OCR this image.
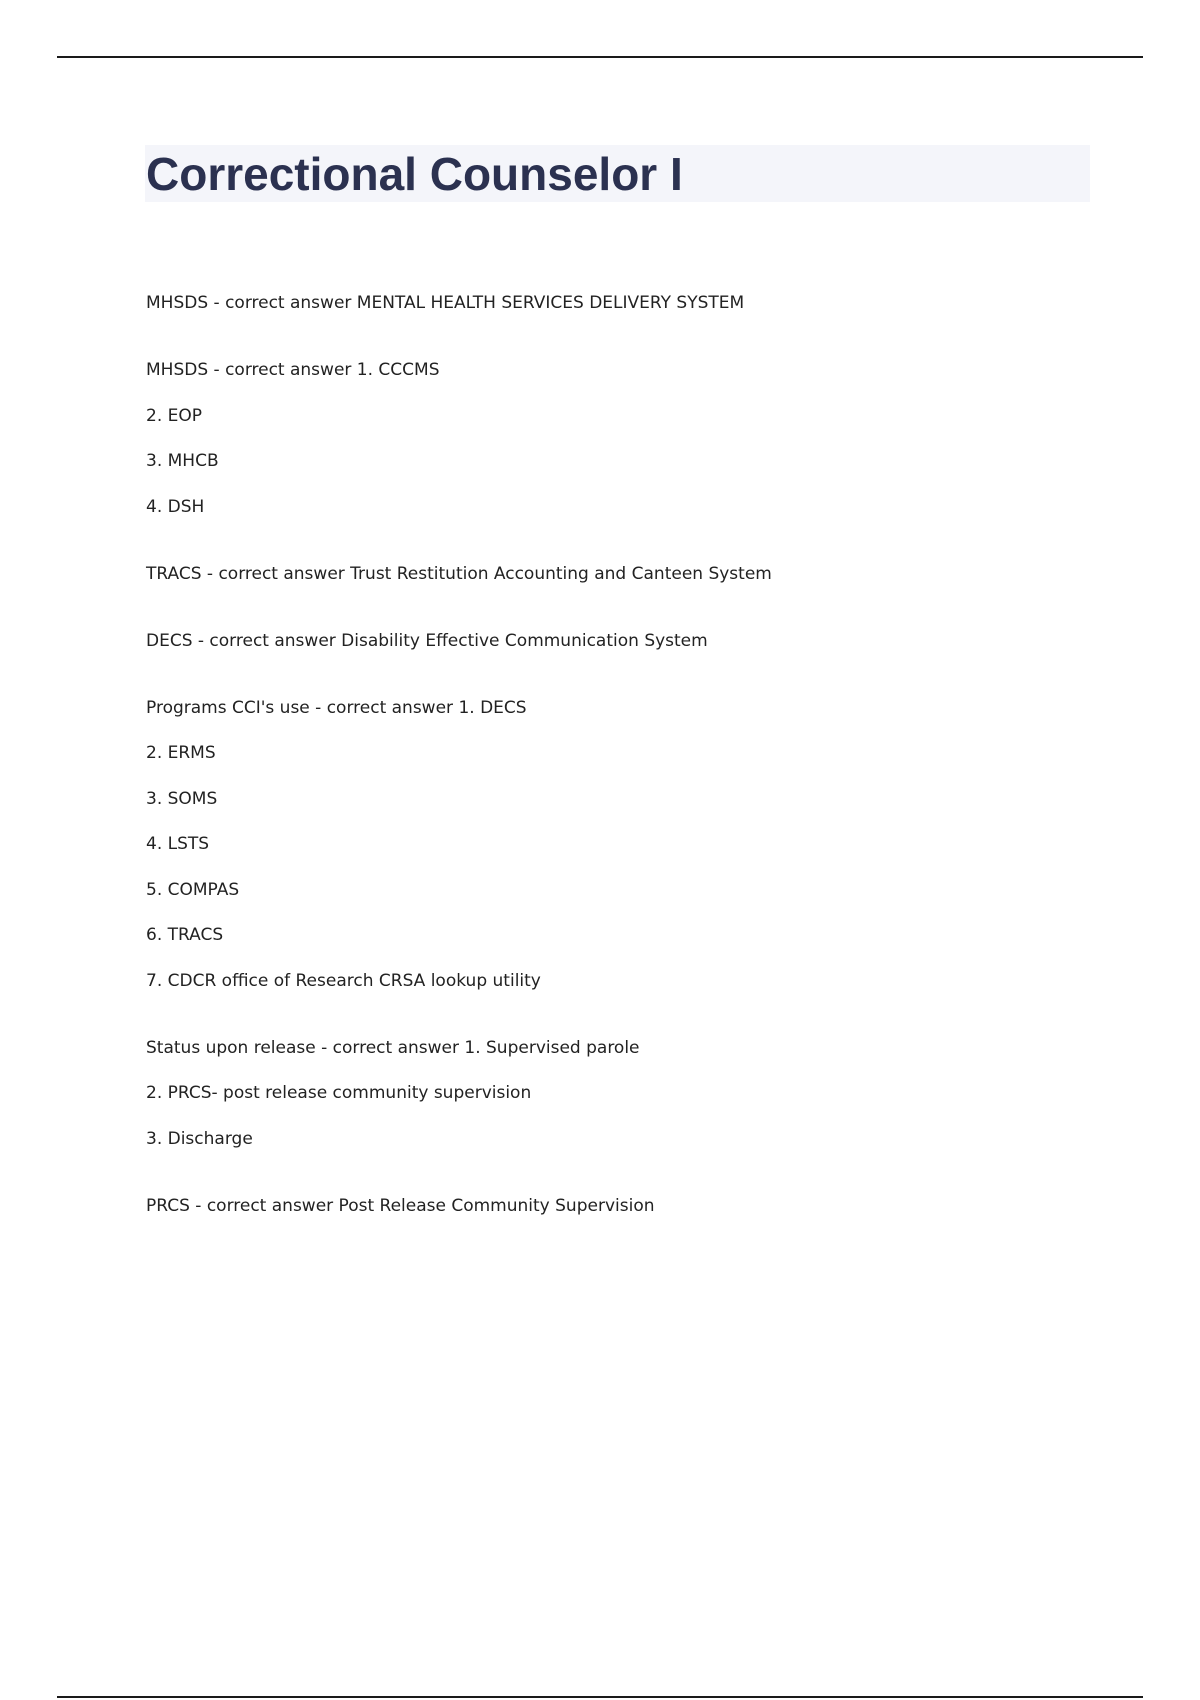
Correctional Counselor I
MHSDS - correct answer MENTAL HEALTH SERVICES DELIVERY SYSTEM
MHSDS - correct answer 1. CCCMS
2. EOP
3. MHCB
4. DSH
TRACS - correct answer Trust Restitution Accounting and Canteen System
DECS - correct answer Disability Effective Communication System
Programs CCI's use - correct answer 1. DECS
2. ERMS
3. SOMS
4. LSTS
5. COMPAS
6. TRACS
7. CDCR office of Research CRSA lookup utility
Status upon release - correct answer 1. Supervised parole
2. PRCS- post release community supervision
3. Discharge
PRCS - correct answer Post Release Community Supervision
